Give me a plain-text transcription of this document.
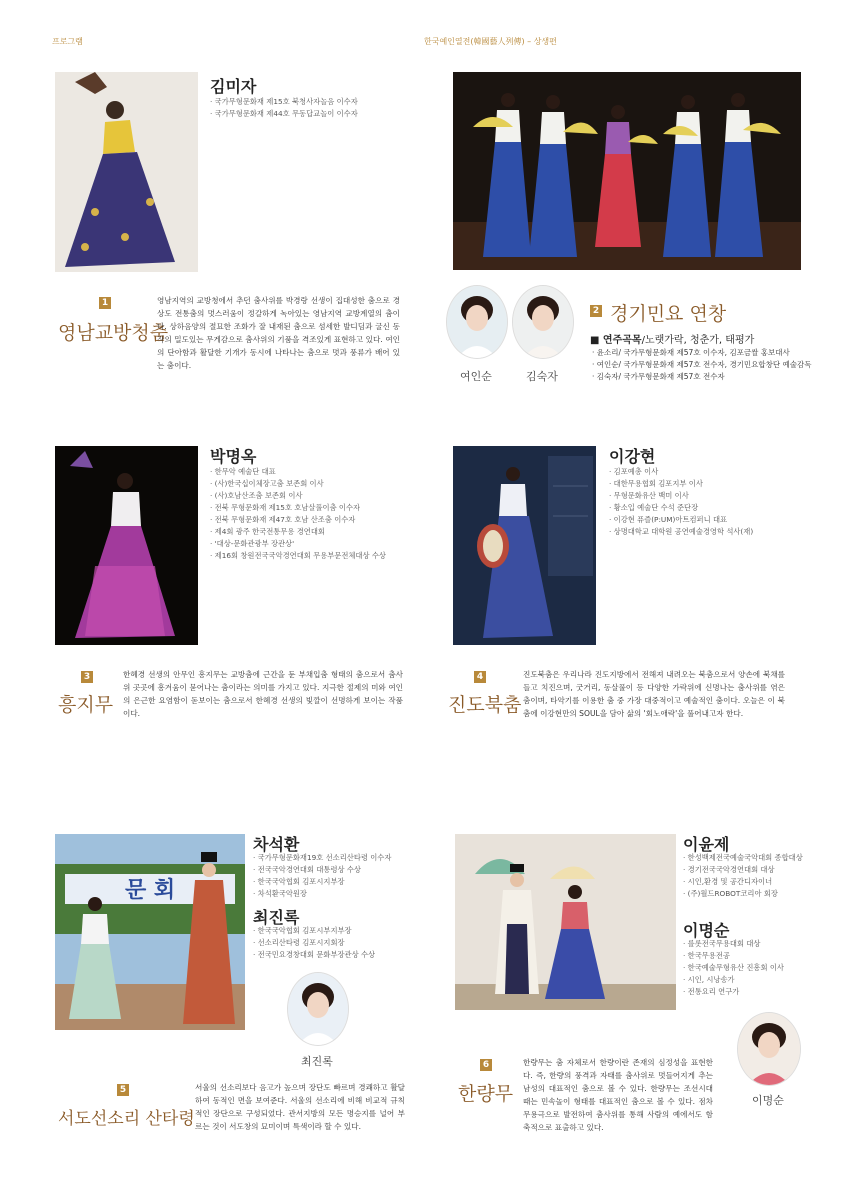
프로그램	한국예인열전(韓國藝人列傳) – 상생편
김미자
· 국가무형문화재 제15호 북청사자놀음 이수자
· 국가무형문화재 제44호 무동답교놀이 이수자
1
영남교방청춤
영남지역의 교방청에서 추던 춤사위를 박경랑 선생이 집대성한 춤으로 경상도 전통춤의 멋스러움이 정갈하게 녹아있는 영남지역 교방계열의 춤이다. 상하음양의 절묘한 조화가 잘 내재된 춤으로 섬세한 발디딤과 굴신 동작의 밀도있는 무게감으로 춤사위의 기품을 격조있게 표현하고 있다. 여인의 단아함과 활달한 기개가 동시에 나타나는 춤으로 멋과 풍류가 배어 있는 춤이다.
여인순	김숙자
2 경기민요 연창
■ 연주곡목/노랫가락, 청춘가, 태평가
· 윤소리/ 국가무형문화재 제57호 이수자, 김포금쌀 홍보대사
· 여인순/ 국가무형문화재 제57호 전수자, 경기민요합창단 예술감독
· 김숙자/ 국가무형문화재 제57호 전수자
박명옥
· 한무악 예술단 대표
· (사)한국십이체장고춤 보존회 이사
· (사)호남산조춤 보존회 이사
· 전북 무형문화재 제15호 호남살풀이춤 이수자
· 전북 무형문화재 제47호 호남 산조춤 이수자
· 제4회 광주 한국전통무용 경연대회
· '대상-문화관광부 장관상'
· 제16회 창원전국국악경연대회 무용부문전체대상 수상
3
흥지무
한혜경 선생의 안무인 흥지무는 교방춤에 근간을 둔 부채입춤 형태의 춤으로서 춤사위 곳곳에 흥겨움이 묻어나는 춤이라는 의미를 가지고 있다. 지극한 절제의 미와 여인의 은근한 요염함이 돋보이는 춤으로서 한혜경 선생의 빛깔이 선명하게 보이는 작품이다.
이강현
· 김포예총 이사
· 대한무용협회 김포지부 이사
· 무형문화유산 백미 이사
· 황소입 예술단 수석 준단장
· 이강현 퓨즐(P:UM)아트컴퍼니 대표
· 상명대학교 대학원 공연예술경영학 석사(재)
4
진도북춤
진도북춤은 우리나라 진도지방에서 전해져 내려오는 북춤으로서 양손에 북채를 들고 치진으며, 굿거리, 동살풀이 등 다양한 가락위에 신명나는 춤사위를 엮은 춤이며, 타악기를 이용한 춤 중 가장 대중적이고 예술적인 춤이다. 오늘은 이 북춤에 이강현만의 SOUL을 담아 삶의 '회노애락'을 풀어내고자 한다.
문 회
차석환
· 국가무형문화재19호 선소리산타령 이수자
· 전국국악경연대회 대통령상 수상
· 한국국악협회 김포시지부장
· 차석환국악원장
최진록
· 한국국악협회 김포시부지부장
· 선소리산타령 김포시지회장
· 전국민요경창대회 문화부장관상 수상
최진록
5
서도선소리 산타령
서울의 선소리보다 음고가 높으며 장단도 빠르며 경쾌하고 활달하여 동적인 면을 보여준다. 서울의 선소리에 비해 비교적 규칙적인 장단으로 구성되었다. 관서지방의 모든 명승지를 널어 부르는 것이 서도창의 묘미이며 특색이라 할 수 있다.
이윤제
· 한성백제전국예술국악대회 종합대상
· 경기전국국악경연대회 대상
· 시인,환경 및 공간디자이너
· (주)월드ROBOT코리아 회장
이명순
· 를롯전국무용대회 대상
· 한국무용전공
· 한국예술무형유산 진흥회 이사
· 시인, 시낭송가
· 전통요리 연구가
이명순
6
한량무
한량무는 춤 자체로서 한량이란 존재의 심정성을 표현한다. 즉, 한량의 풍격과 자태를 춤사위로 멋들어지게 추는 남성의 대표적인 춤으로 볼 수 있다. 한량무는 조선시대 때는 민속놀이 형태를 대표적인 춤으로 볼 수 있다. 점차 무용극으로 발전하여 춤사위를 통해 사람의 예에서도 함축적으로 표출하고 있다.
